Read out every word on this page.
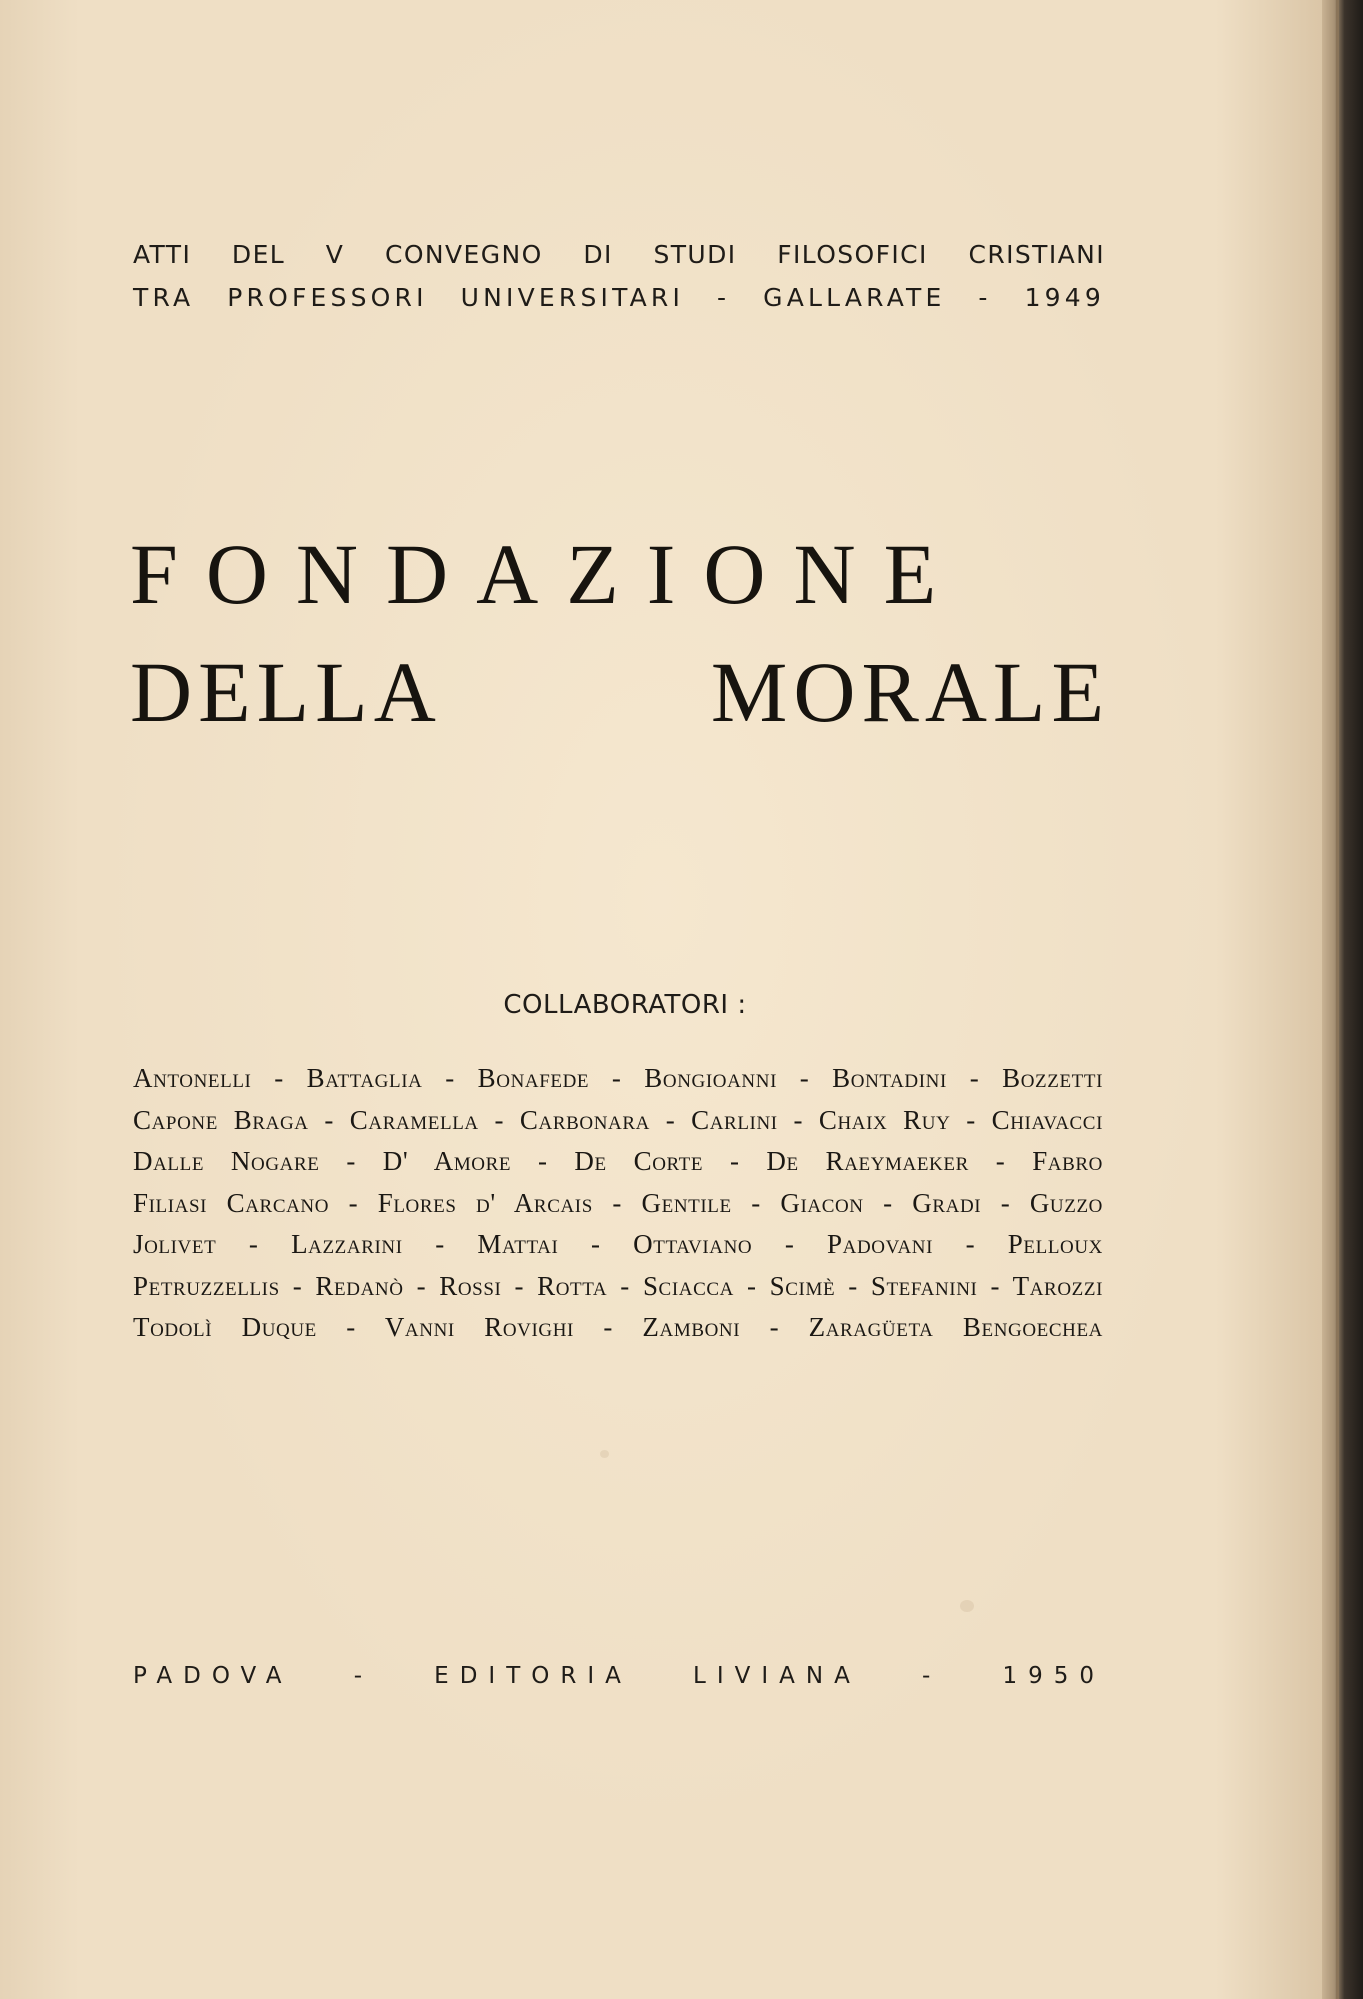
ATTI DEL V CONVEGNO DI STUDI FILOSOFICI CRISTIANI
TRA PROFESSORI UNIVERSITARI - GALLARATE - 1949
FONDAZIONE
DELLA MORALE
COLLABORATORI :
Antonelli - Battaglia - Bonafede - Bongioanni - Bontadini - Bozzetti
Capone Braga - Caramella - Carbonara - Carlini - Chaix Ruy - Chiavacci
Dalle Nogare - D' Amore - De Corte - De Raeymaeker - Fabro
Filiasi Carcano - Flores d' Arcais - Gentile - Giacon - Gradi - Guzzo
Jolivet - Lazzarini - Mattai - Ottaviano - Padovani - Pelloux
Petruzzellis - Redanò - Rossi - Rotta - Sciacca - Scimè - Stefanini - Tarozzi
Todolì Duque - Vanni Rovighi - Zamboni - Zaragüeta Bengoechea
PADOVA - EDITORIA LIVIANA - 1950
